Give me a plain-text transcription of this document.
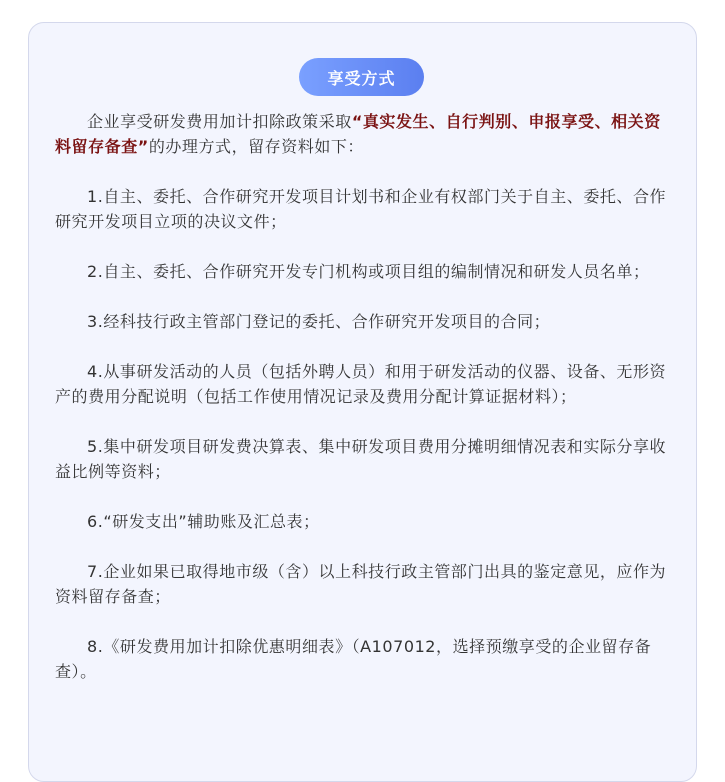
享受方式

企业享受研发费用加计扣除政策采取“真实发生、自行判别、申报享受、相关资料留存备查”的办理方式，留存资料如下：

1.自主、委托、合作研究开发项目计划书和企业有权部门关于自主、委托、合作研究开发项目立项的决议文件；

2.自主、委托、合作研究开发专门机构或项目组的编制情况和研发人员名单；

3.经科技行政主管部门登记的委托、合作研究开发项目的合同；

4.从事研发活动的人员（包括外聘人员）和用于研发活动的仪器、设备、无形资产的费用分配说明（包括工作使用情况记录及费用分配计算证据材料）；

5.集中研发项目研发费决算表、集中研发项目费用分摊明细情况表和实际分享收益比例等资料；

6.“研发支出”辅助账及汇总表；

7.企业如果已取得地市级（含）以上科技行政主管部门出具的鉴定意见，应作为资料留存备查；

8.《研发费用加计扣除优惠明细表》（A107012，选择预缴享受的企业留存备查）。
